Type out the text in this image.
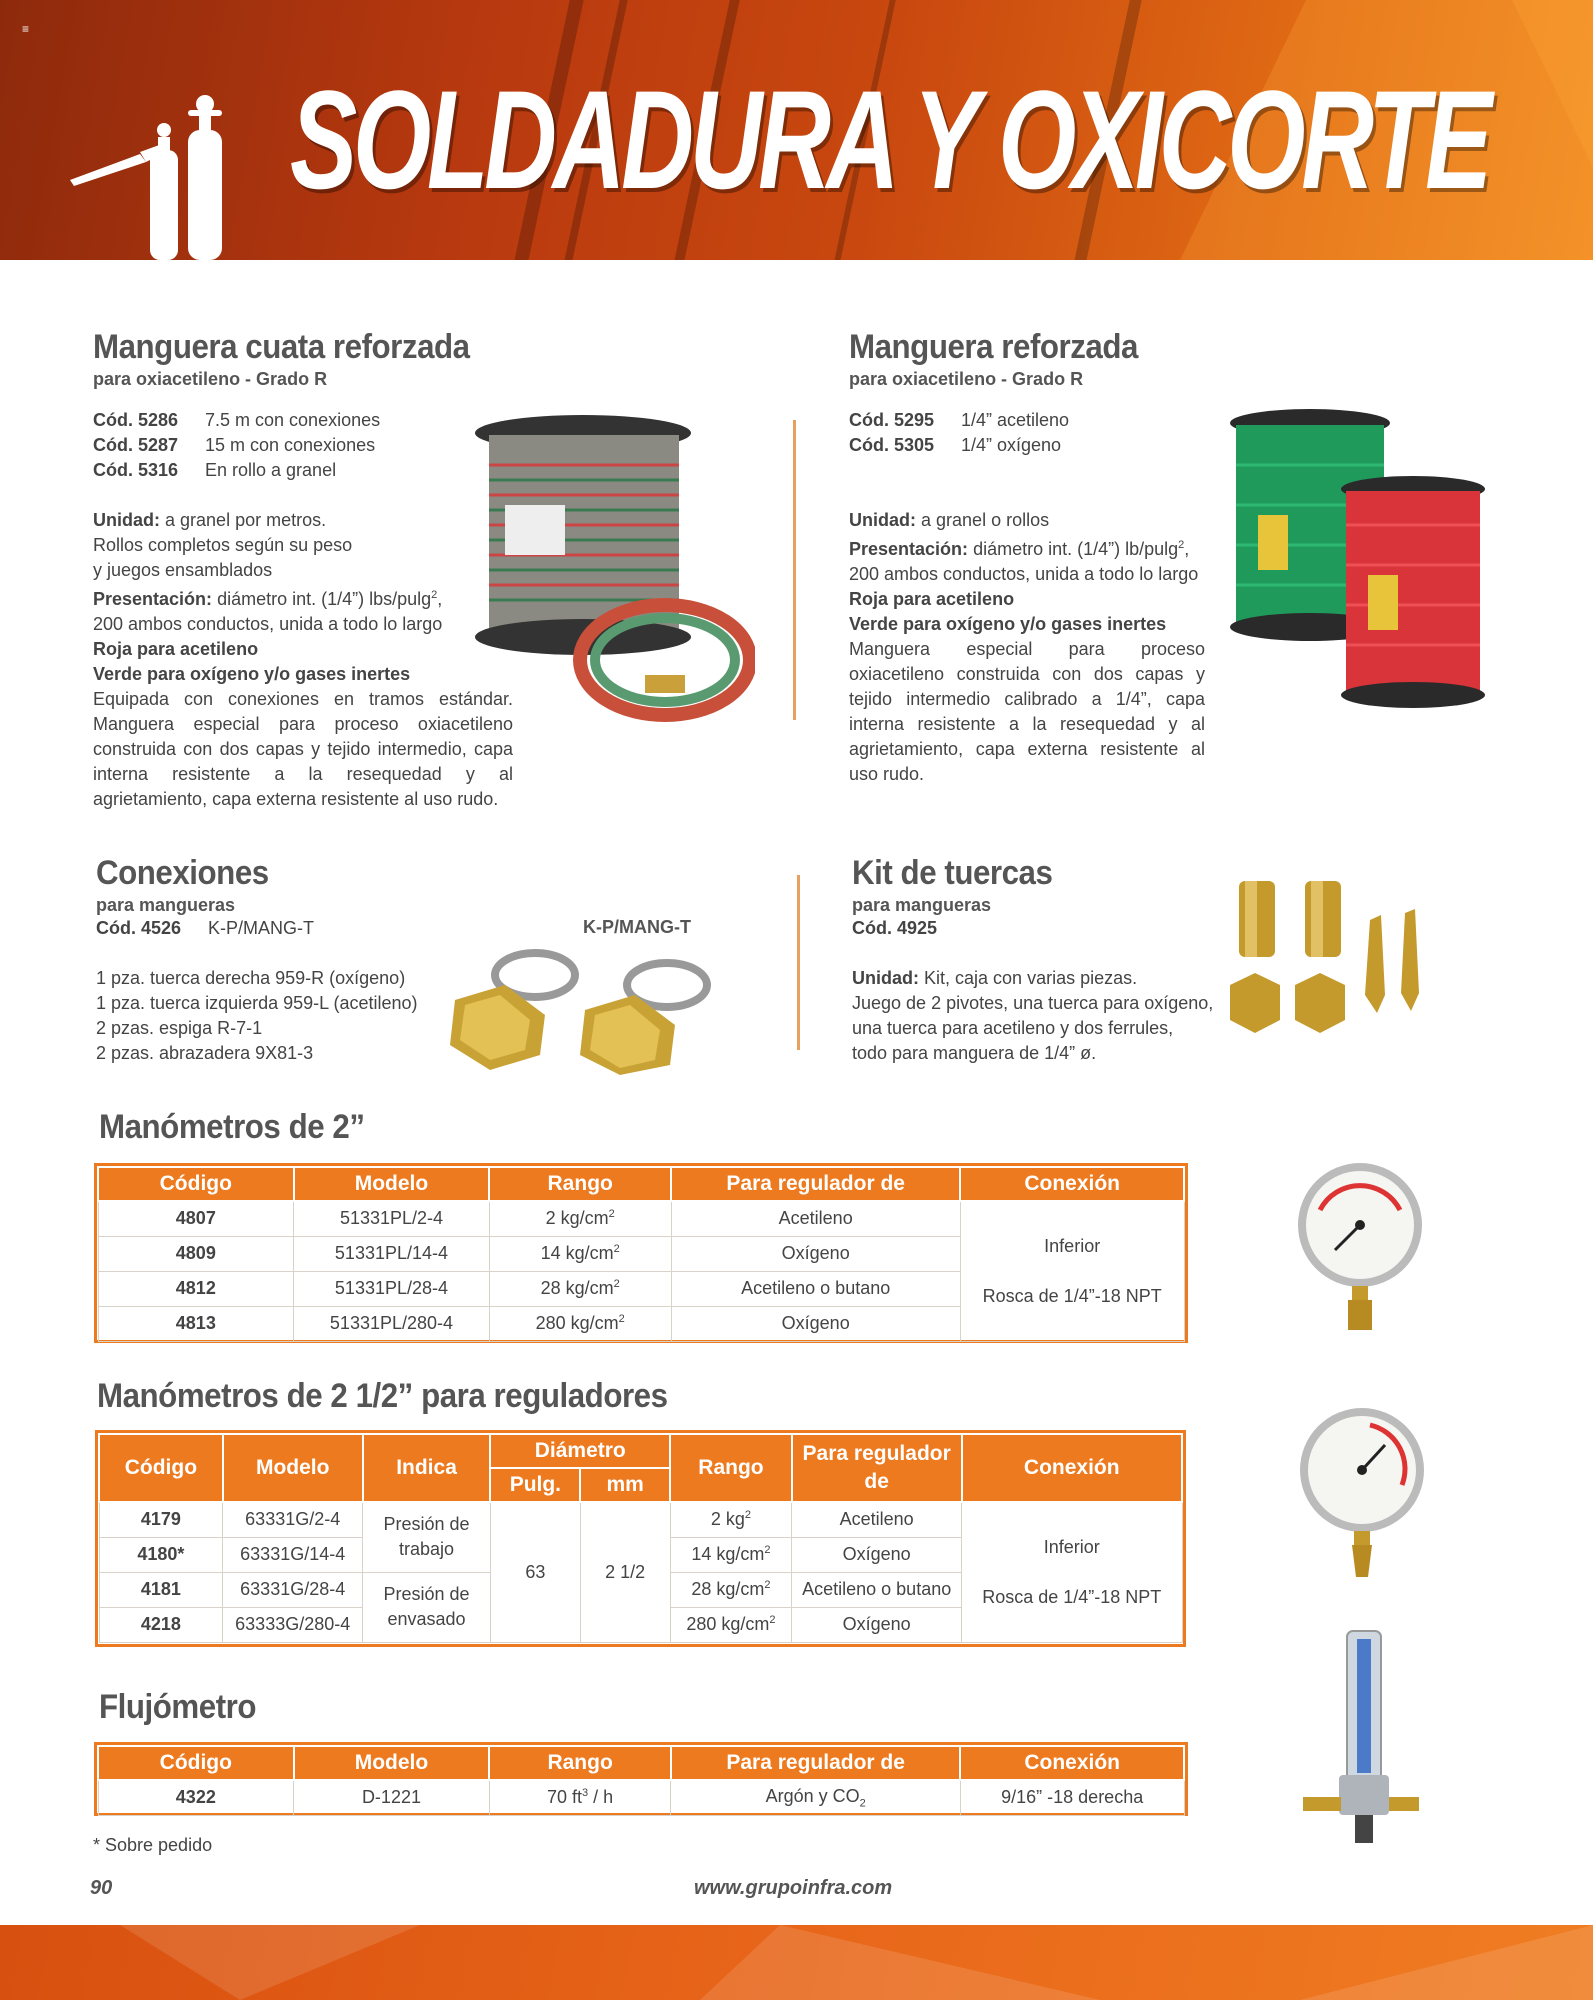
≡
SOLDADURA Y OXICORTE
Manguera cuata reforzada
para oxiacetileno - Grado R
Cód. 5286	7.5 m con conexiones
Cód. 5287	15 m con conexiones
Cód. 5316	En rollo a granel
Unidad: a granel por metros.
Rollos completos según su peso
y juegos ensamblados
Presentación: diámetro int. (1/4”) lbs/pulg$^2$,
200 ambos conductos, unida a todo lo largo
Roja para acetileno
Verde para oxígeno y/o gases inertes
Equipada con conexiones en tramos estándar. Manguera especial para proceso oxiacetileno construida con dos capas y tejido intermedio, capa interna resistente a la resequedad y al agrietamiento, capa externa resistente al uso rudo.
Manguera reforzada
para oxiacetileno - Grado R
Cód. 5295	1/4” acetileno
Cód. 5305	1/4” oxígeno
Unidad: a granel o rollos
Presentación: diámetro int. (1/4”) lb/pulg$^2$,
200 ambos conductos, unida a todo lo largo
Roja para acetileno
Verde para oxígeno y/o gases inertes
Manguera especial para proceso oxiacetileno construida con dos capas y tejido intermedio calibrado a 1/4”, capa interna resistente a la resequedad y al agrietamiento, capa externa resistente al uso rudo.
Conexiones
para mangueras
Cód. 4526	K-P/MANG-T
1 pza. tuerca derecha 959-R (oxígeno)
1 pza. tuerca izquierda 959-L (acetileno)
2 pzas. espiga R-7-1
2 pzas. abrazadera 9X81-3
K-P/MANG-T
Kit de tuercas
para mangueras
Cód. 4925
Unidad: Kit, caja con varias piezas.
Juego de 2 pivotes, una tuerca para oxígeno,
una tuerca para acetileno y dos ferrules,
todo para manguera de 1/4” ø.
Manómetros de 2”
Código	Modelo	Rango	Para regulador de	Conexión
4807	51331PL/2-4	2 $kg/cm^2$	Acetileno	Inferior
Rosca de 1/4”-18 NPT

4809	51331PL/14-4	14 $kg/cm^2$	Oxígeno	
4812	51331PL/28-4	28 $kg/cm^2$	Acetileno o butano	
4813	51331PL/280-4	280 $kg/cm^2$	Oxígeno	
Manómetros de 2 1/2” para reguladores
Código	Modelo	Indica	Diámetro		Rango	Para regulador de	Conexión
			Pulg.	mm			
4179	63331G/2-4	Presión de trabajo	63	2 1/2	2 $kg^2$	Acetileno	Inferior
Rosca de 1/4”-18 NPT

4180*	63331G/14-4				14 $kg/cm^2$	Oxígeno	
4181	63331G/28-4	Presión de envasado			28 $kg/cm^2$	Acetileno o butano	
4218	63333G/280-4				280 $kg/cm^2$	Oxígeno	
Flujómetro
Código	Modelo	Rango	Para regulador de	Conexión
4322	D-1221	70 $ft^3$ / h	Argón y $CO_2$	9/16” -18 derecha
* Sobre pedido
90	www.grupoinfra.com
